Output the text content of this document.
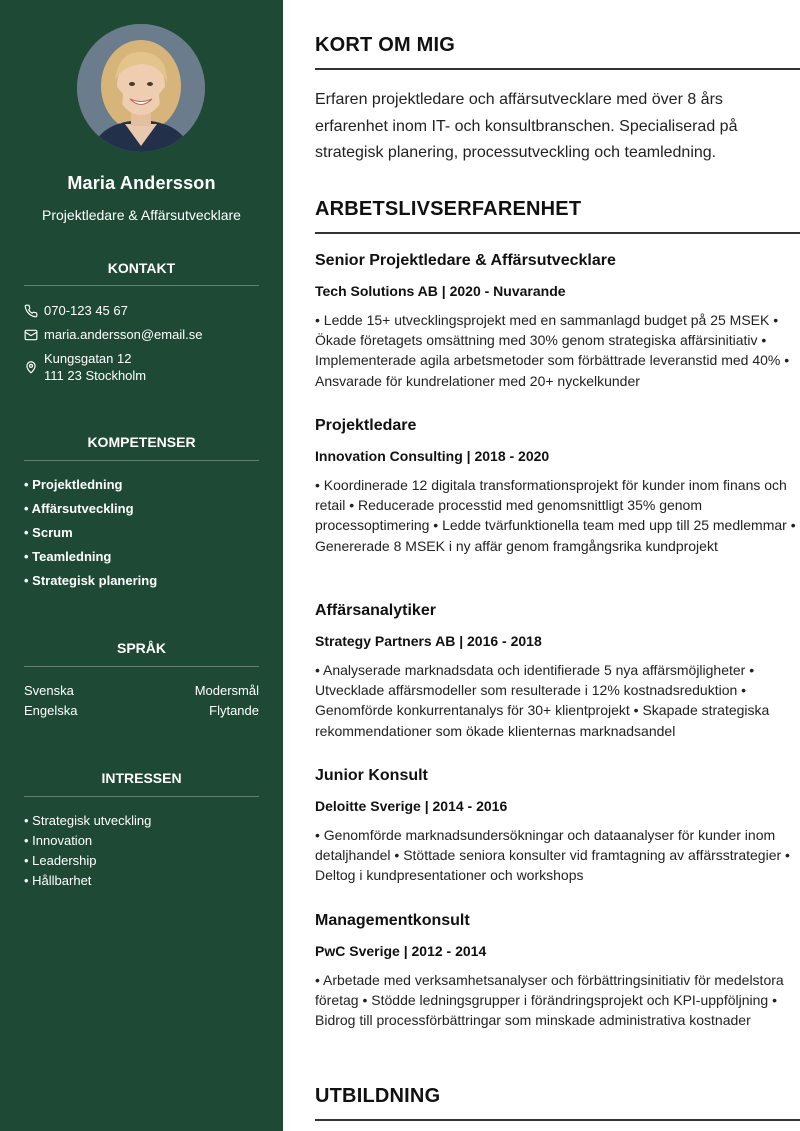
Maria Andersson
Projektledare & Affärsutvecklare
KONTAKT
070-123 45 67
maria.andersson@email.se
Kungsgatan 12
111 23 Stockholm
KOMPETENSER
• Projektledning
• Affärsutveckling
• Scrum
• Teamledning
• Strategisk planering
SPRÅK
Svenska	Modersmål
Engelska	Flytande
INTRESSEN
• Strategisk utveckling
• Innovation
• Leadership
• Hållbarhet
KORT OM MIG

Erfaren projektledare och affärsutvecklare med över 8 års erfarenhet inom IT- och konsultbranschen. Specialiserad på strategisk planering, processutveckling och teamledning.

ARBETSLIVSERFARENHET
Senior Projektledare & Affärsutvecklare
Tech Solutions AB | 2020 - Nuvarande
• Ledde 15+ utvecklingsprojekt med en sammanlagd budget på 25 MSEK • Ökade företagets omsättning med 30% genom strategiska affärsinitiativ • Implementerade agila arbetsmetoder som förbättrade leveranstid med 40% • Ansvarade för kundrelationer med 20+ nyckelkunder
Projektledare
Innovation Consulting | 2018 - 2020
• Koordinerade 12 digitala transformationsprojekt för kunder inom finans och retail • Reducerade processtid med genomsnittligt 35% genom processoptimering • Ledde tvärfunktionella team med upp till 25 medlemmar • Genererade 8 MSEK i ny affär genom framgångsrika kundprojekt
Affärsanalytiker
Strategy Partners AB | 2016 - 2018
• Analyserade marknadsdata och identifierade 5 nya affärsmöjligheter • Utvecklade affärsmodeller som resulterade i 12% kostnadsreduktion • Genomförde konkurrentanalys för 30+ klientprojekt • Skapade strategiska rekommendationer som ökade klienternas marknadsandel
Junior Konsult
Deloitte Sverige | 2014 - 2016
• Genomförde marknadsundersökningar och dataanalyser för kunder inom detaljhandel • Stöttade seniora konsulter vid framtagning av affärsstrategier • Deltog i kundpresentationer och workshops
Managementkonsult
PwC Sverige | 2012 - 2014
• Arbetade med verksamhetsanalyser och förbättringsinitiativ för medelstora företag • Stödde ledningsgrupper i förändringsprojekt och KPI-uppföljning • Bidrog till processförbättringar som minskade administrativa kostnader
UTBILDNING
